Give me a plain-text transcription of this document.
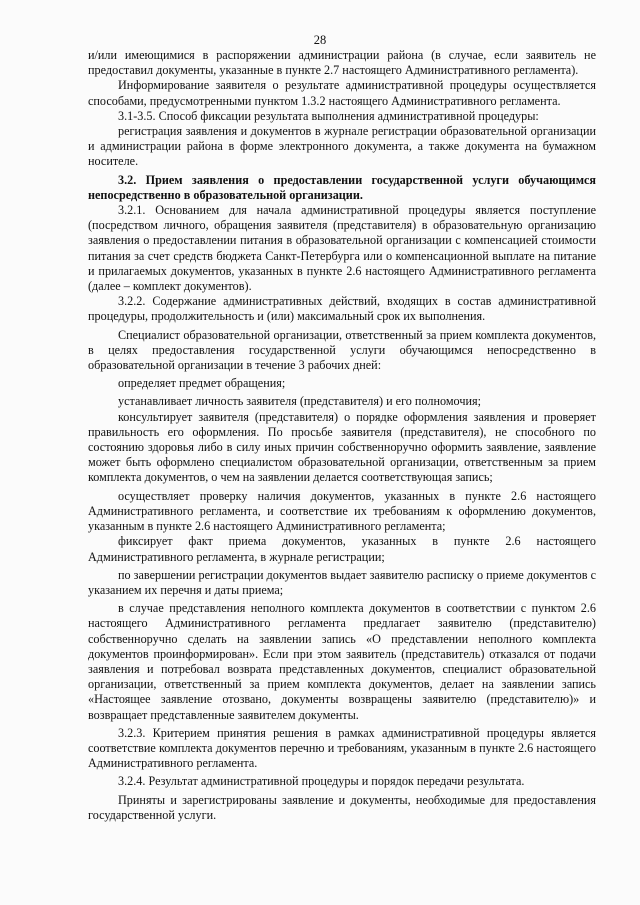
28

и/или имеющимися в распоряжении администрации района (в случае, если заявитель не предоставил документы, указанные в пункте 2.7 настоящего Административного регламента).

Информирование заявителя о результате административной процедуры осуществляется способами, предусмотренными пунктом 1.3.2 настоящего Административного регламента.

3.1-3.5. Способ фиксации результата выполнения административной процедуры:

регистрация заявления и документов в журнале регистрации образовательной организации и администрации района в форме электронного документа, а также документа на бумажном носителе.

3.2. Прием заявления о предоставлении государственной услуги обучающимся непосредственно в образовательной организации.

3.2.1. Основанием для начала административной процедуры является поступление (посредством личного, обращения заявителя (представителя) в образовательную организацию заявления о предоставлении питания в образовательной организации с компенсацией стоимости питания за счет средств бюджета Санкт-Петербурга или о компенсационной выплате на питание и прилагаемых документов, указанных в пункте 2.6 настоящего Административного регламента (далее – комплект документов).

3.2.2. Содержание административных действий, входящих в состав административной процедуры, продолжительность и (или) максимальный срок их выполнения.

Специалист образовательной организации, ответственный за прием комплекта документов, в целях предоставления государственной услуги обучающимся непосредственно в образовательной организации в течение 3 рабочих дней:

определяет предмет обращения;

устанавливает личность заявителя (представителя) и его полномочия;

консультирует заявителя (представителя) о порядке оформления заявления и проверяет правильность его оформления. По просьбе заявителя (представителя), не способного по состоянию здоровья либо в силу иных причин собственноручно оформить заявление, заявление может быть оформлено специалистом образовательной организации, ответственным за прием комплекта документов, о чем на заявлении делается соответствующая запись;

осуществляет проверку наличия документов, указанных в пункте 2.6 настоящего Административного регламента, и соответствие их требованиям к оформлению документов, указанным в пункте 2.6 настоящего Административного регламента;

фиксирует факт приема документов, указанных в пункте 2.6 настоящего Административного регламента, в журнале регистрации;

по завершении регистрации документов выдает заявителю расписку о приеме документов с указанием их перечня и даты приема;

в случае представления неполного комплекта документов в соответствии с пунктом 2.6 настоящего Административного регламента предлагает заявителю (представителю) собственноручно сделать на заявлении запись «О представлении неполного комплекта документов проинформирован». Если при этом заявитель (представитель) отказался от подачи заявления и потребовал возврата представленных документов, специалист образовательной организации, ответственный за прием комплекта документов, делает на заявлении запись «Настоящее заявление отозвано, документы возвращены заявителю (представителю)» и возвращает представленные заявителем документы.

3.2.3. Критерием принятия решения в рамках административной процедуры является соответствие комплекта документов перечню и требованиям, указанным в пункте 2.6 настоящего Административного регламента.

3.2.4. Результат административной процедуры и порядок передачи результата.

Приняты и зарегистрированы заявление и документы, необходимые для предоставления государственной услуги.
